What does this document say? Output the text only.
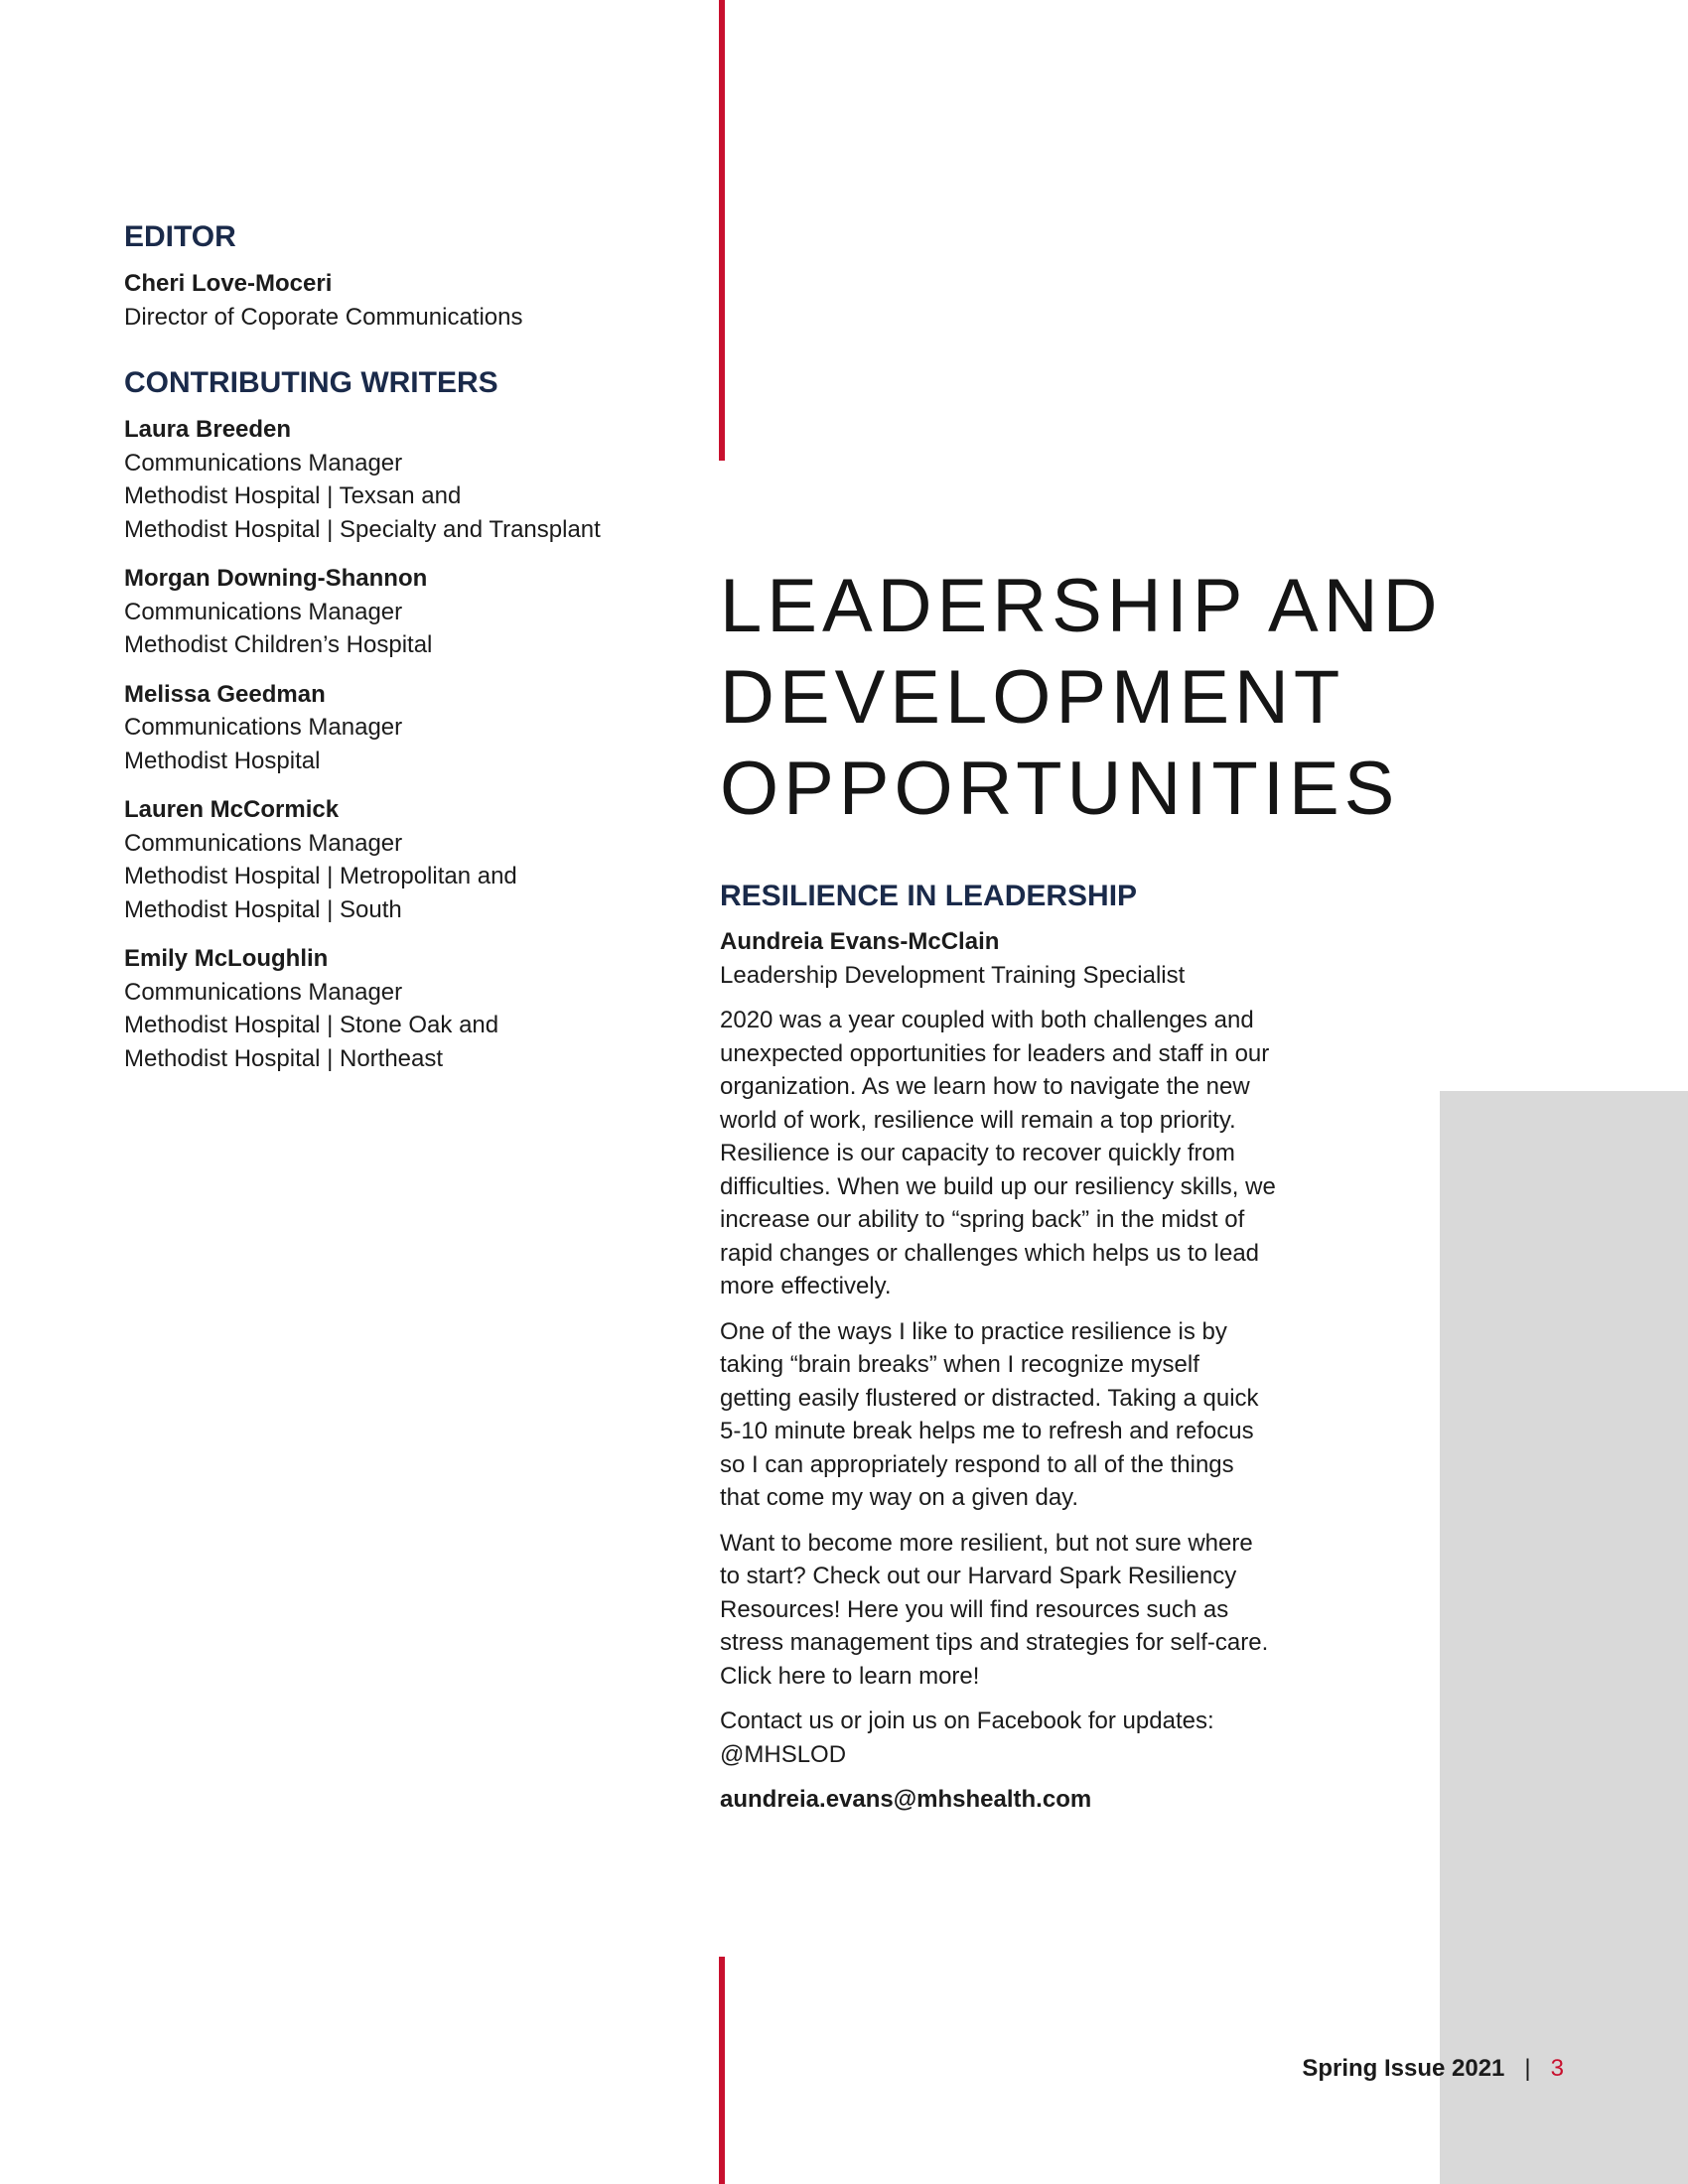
EDITOR
Cheri Love-Moceri
Director of Coporate Communications
CONTRIBUTING WRITERS
Laura Breeden
Communications Manager
Methodist Hospital | Texsan and
Methodist Hospital | Specialty and Transplant
Morgan Downing-Shannon
Communications Manager
Methodist Children’s Hospital
Melissa Geedman
Communications Manager
Methodist Hospital
Lauren McCormick
Communications Manager
Methodist Hospital | Metropolitan and
Methodist Hospital | South
Emily McLoughlin
Communications Manager
Methodist Hospital | Stone Oak and
Methodist Hospital | Northeast
LEADERSHIP AND
DEVELOPMENT
OPPORTUNITIES
RESILIENCE IN LEADERSHIP
Aundreia Evans-McClain
Leadership Development Training Specialist

2020 was a year coupled with both challenges and unexpected opportunities for leaders and staff in our organization. As we learn how to navigate the new world of work, resilience will remain a top priority. Resilience is our capacity to recover quickly from difficulties. When we build up our resiliency skills, we increase our ability to “spring back” in the midst of rapid changes or challenges which helps us to lead more effectively.

One of the ways I like to practice resilience is by taking “brain breaks” when I recognize myself getting easily flustered or distracted. Taking a quick 5-10 minute break helps me to refresh and refocus so I can appropriately respond to all of the things that come my way on a given day.

Want to become more resilient, but not sure where to start? Check out our Harvard Spark Resiliency Resources! Here you will find resources such as stress management tips and strategies for self-care. Click here to learn more!

Contact us or join us on Facebook for updates: @MHSLOD

aundreia.evans@mhshealth.com
Spring Issue 2021 | 3
